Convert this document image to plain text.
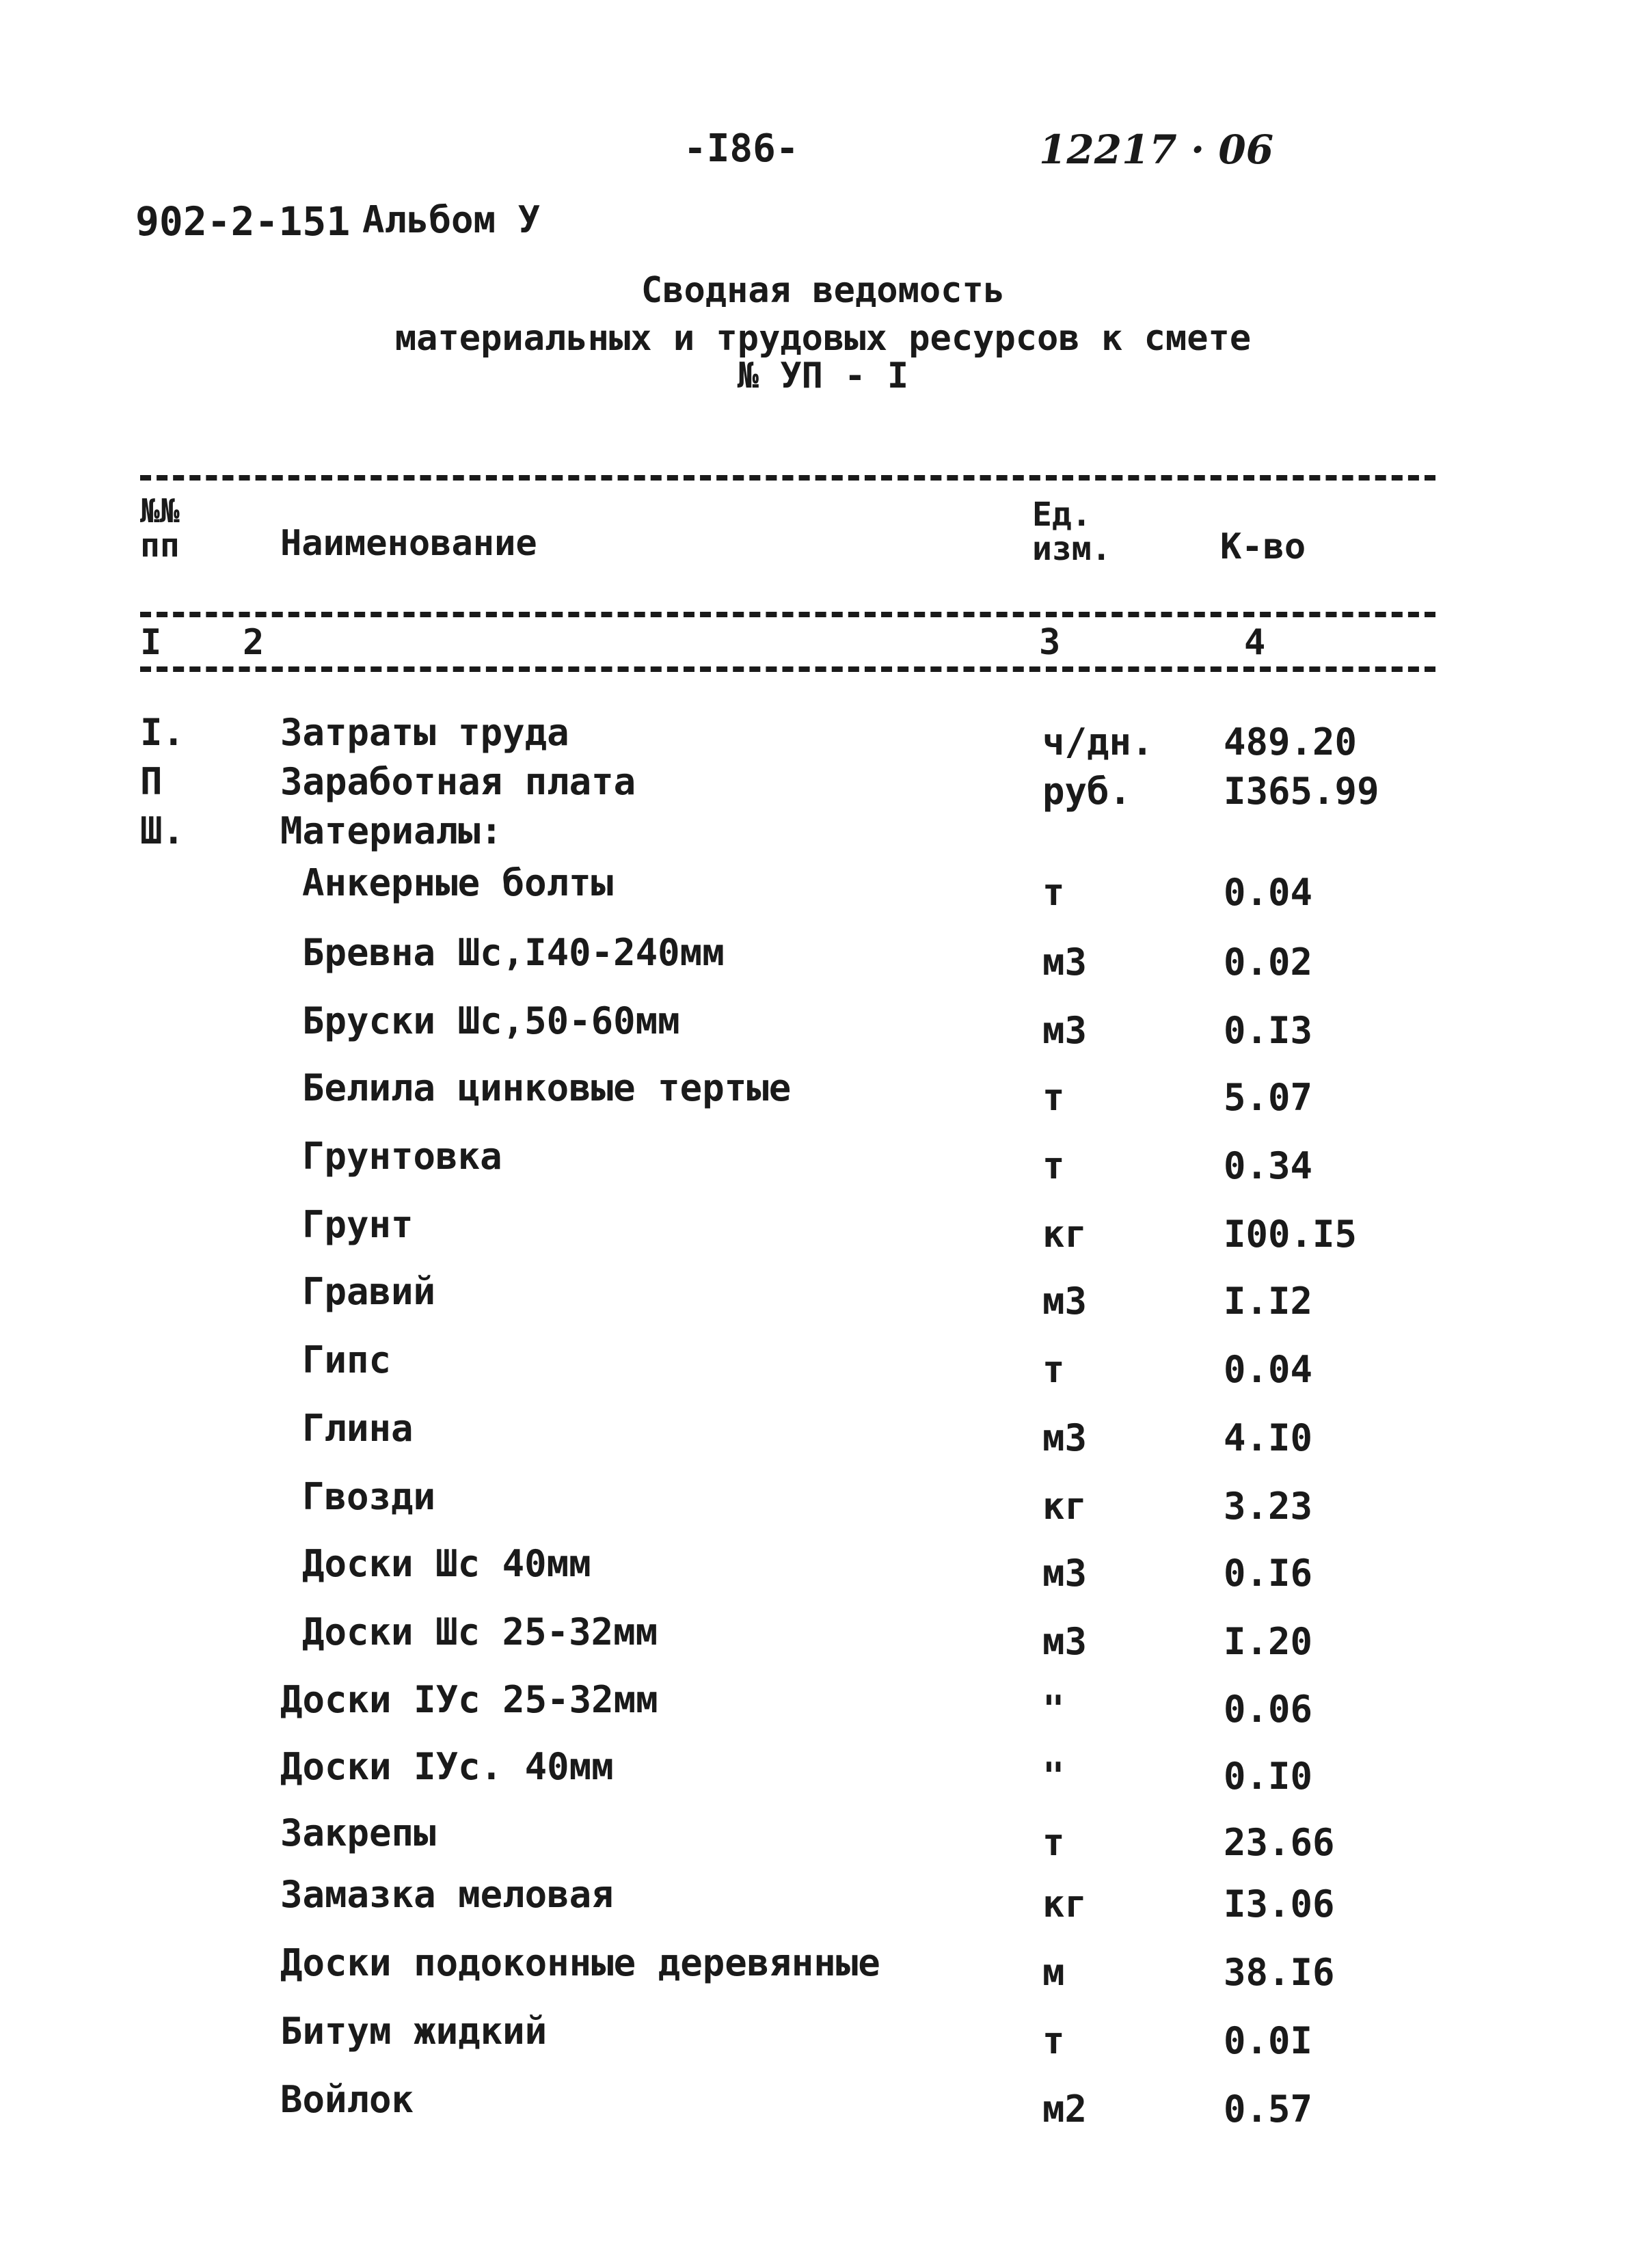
-I86-	12217 · 06
902-2-151 Альбом У
Сводная ведомость
материальных и трудовых ресурсов к смете
№ УП - I
№№
пп	Наименование
Ед.
изм.	К-во
I 2	3	4
I.	Затраты труда	ч/дн. 489.20
П	Заработная плата	руб. I365.99
Ш.	Материалы:
Анкерные болты	т	0.04
Бревна Шс,I40-240мм	м3	0.02
Бруски Шс,50-60мм	м3	0.I3
Белила цинковые тертые	т	5.07
Грунтовка	т	0.34
Грунт	кг	I00.I5
Гравий	м3	I.I2
Гипс	т	0.04
Глина	м3	4.I0
Гвозди	кг	3.23
Доски Шс 40мм	м3	0.I6
Доски Шс 25-32мм	м3	I.20
Доски IУс 25-32мм	"	0.06
Доски IУс. 40мм	"	0.I0
Закрепы	т	23.66
Замазка меловая	кг	I3.06
Доски подоконные деревянные	м	38.I6
Битум жидкий	т	0.0I
Войлок	м2	0.57
